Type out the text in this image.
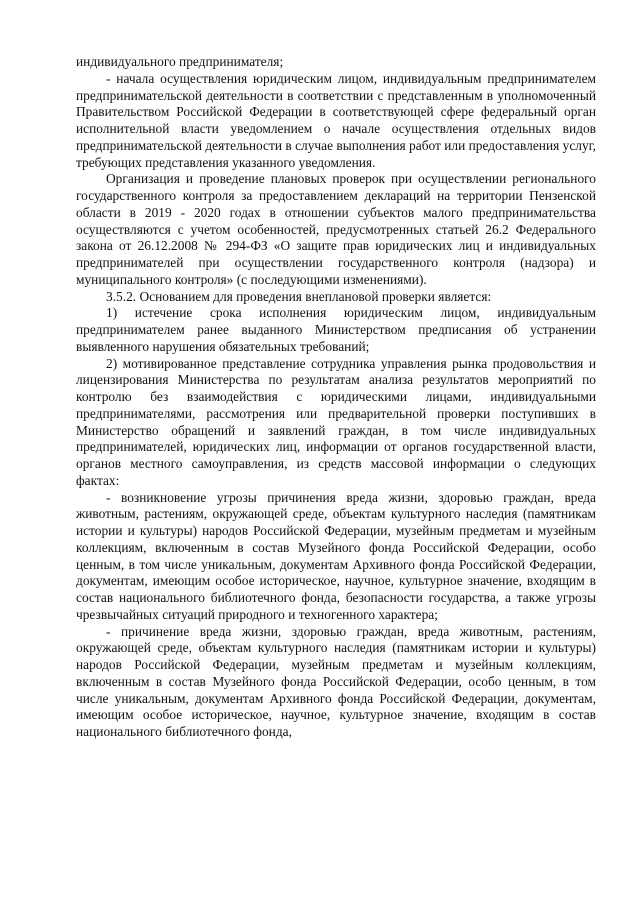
индивидуального предпринимателя;

- начала осуществления юридическим лицом, индивидуальным предпринимателем предпринимательской деятельности в соответствии с представленным в уполномоченный Правительством Российской Федерации в соответствующей сфере федеральный орган исполнительной власти уведомлением о начале осуществления отдельных видов предпринимательской деятельности в случае выполнения работ или предоставления услуг, требующих представления указанного уведомления.

Организация и проведение плановых проверок при осуществлении регионального государственного контроля за предоставлением деклараций на территории Пензенской области в 2019 - 2020 годах в отношении субъектов малого предпринимательства осуществляются с учетом особенностей, предусмотренных статьей 26.2 Федерального закона от 26.12.2008 № 294-ФЗ «О защите прав юридических лиц и индивидуальных предпринимателей при осуществлении государственного контроля (надзора) и муниципального контроля» (с последующими изменениями).

3.5.2. Основанием для проведения внеплановой проверки является:

1) истечение срока исполнения юридическим лицом, индивидуальным предпринимателем ранее выданного Министерством предписания об устранении выявленного нарушения обязательных требований;

2) мотивированное представление сотрудника управления рынка продовольствия и лицензирования Министерства по результатам анализа результатов мероприятий по контролю без взаимодействия с юридическими лицами, индивидуальными предпринимателями, рассмотрения или предварительной проверки поступивших в Министерство обращений и заявлений граждан, в том числе индивидуальных предпринимателей, юридических лиц, информации от органов государственной власти, органов местного самоуправления, из средств массовой информации о следующих фактах:

- возникновение угрозы причинения вреда жизни, здоровью граждан, вреда животным, растениям, окружающей среде, объектам культурного наследия (памятникам истории и культуры) народов Российской Федерации, музейным предметам и музейным коллекциям, включенным в состав Музейного фонда Российской Федерации, особо ценным, в том числе уникальным, документам Архивного фонда Российской Федерации, документам, имеющим особое историческое, научное, культурное значение, входящим в состав национального библиотечного фонда, безопасности государства, а также угрозы чрезвычайных ситуаций природного и техногенного характера;

- причинение вреда жизни, здоровью граждан, вреда животным, растениям, окружающей среде, объектам культурного наследия (памятникам истории и культуры) народов Российской Федерации, музейным предметам и музейным коллекциям, включенным в состав Музейного фонда Российской Федерации, особо ценным, в том числе уникальным, документам Архивного фонда Российской Федерации, документам, имеющим особое историческое, научное, культурное значение, входящим в состав национального библиотечного фонда,
